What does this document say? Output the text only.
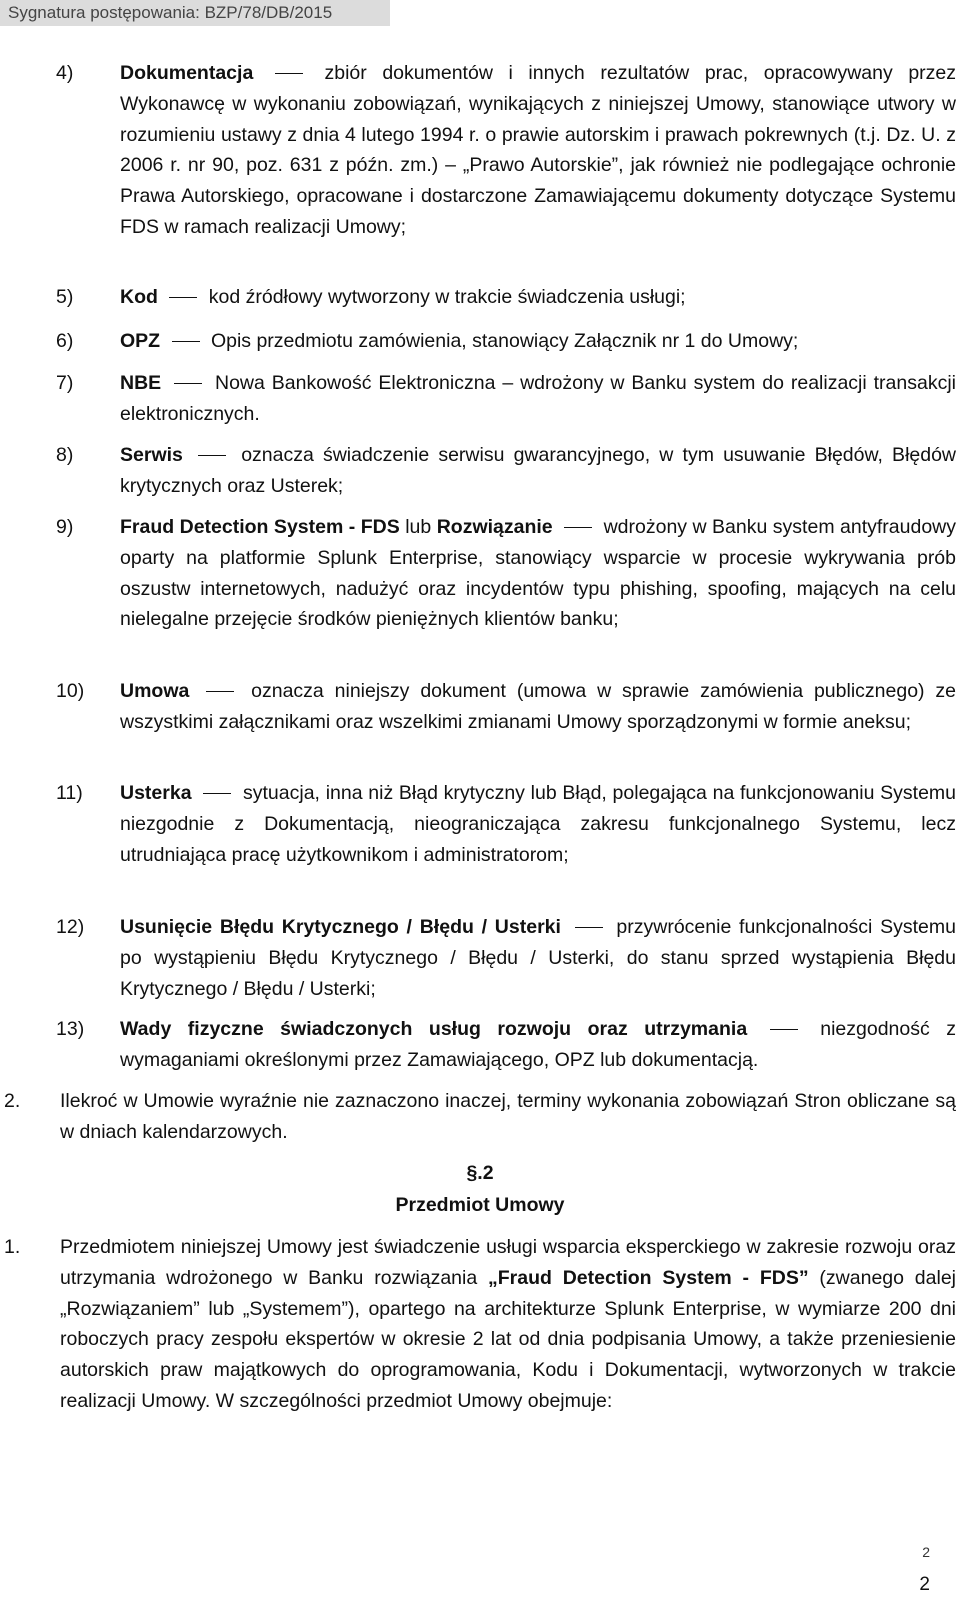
Sygnatura postępowania: BZP/78/DB/2015
4) Dokumentacja	zbiór dokumentów i innych rezultatów prac, opracowywany przez Wykonawcę w wykonaniu zobowiązań, wynikających z niniejszej Umowy, stanowiące utwory w rozumieniu ustawy z dnia 4 lutego 1994 r. o prawie autorskim i prawach pokrewnych (t.j. Dz. U. z 2006 r. nr 90, poz. 631 z późn. zm.) – „Prawo Autorskie”, jak również nie podlegające ochronie Prawa Autorskiego, opracowane i dostarczone Zamawiającemu dokumenty dotyczące Systemu FDS w ramach realizacji Umowy;
5) Kod	kod źródłowy wytworzony w trakcie świadczenia usługi;
6) OPZ	Opis przedmiotu zamówienia, stanowiący Załącznik nr 1 do Umowy;
7) NBE	Nowa Bankowość Elektroniczna – wdrożony w Banku system do realizacji transakcji elektronicznych.
8) Serwis	oznacza świadczenie serwisu gwarancyjnego, w tym usuwanie Błędów, Błędów krytycznych oraz Usterek;
9) Fraud Detection System - FDS lub Rozwiązanie	wdrożony w Banku system antyfraudowy oparty na platformie Splunk Enterprise, stanowiący wsparcie w procesie wykrywania prób oszustw internetowych, nadużyć oraz incydentów typu phishing, spoofing, mających na celu nielegalne przejęcie środków pieniężnych klientów banku;
10) Umowa	oznacza niniejszy dokument (umowa w sprawie zamówienia publicznego) ze wszystkimi załącznikami oraz wszelkimi zmianami Umowy sporządzonymi w formie aneksu;
11) Usterka	sytuacja, inna niż Błąd krytyczny lub Błąd, polegająca na funkcjonowaniu Systemu niezgodnie z Dokumentacją, nieograniczająca zakresu funkcjonalnego Systemu, lecz utrudniająca pracę użytkownikom i administratorom;
12) Usunięcie Błędu Krytycznego / Błędu / Usterki	przywrócenie funkcjonalności Systemu po wystąpieniu Błędu Krytycznego / Błędu / Usterki, do stanu sprzed wystąpienia Błędu Krytycznego / Błędu / Usterki;
13) Wady fizyczne świadczonych usług rozwoju oraz utrzymania	niezgodność z wymaganiami określonymi przez Zamawiającego, OPZ lub dokumentacją.
2. Ilekroć w Umowie wyraźnie nie zaznaczono inaczej, terminy wykonania zobowiązań Stron obliczane są w dniach kalendarzowych.
§.2
Przedmiot Umowy
1. Przedmiotem niniejszej Umowy jest świadczenie usługi wsparcia eksperckiego w zakresie rozwoju oraz utrzymania wdrożonego w Banku rozwiązania „Fraud Detection System - FDS” (zwanego dalej „Rozwiązaniem” lub „Systemem”), opartego na architekturze Splunk Enterprise, w wymiarze 200 dni roboczych pracy zespołu ekspertów w okresie 2 lat od dnia podpisania Umowy, a także przeniesienie autorskich praw majątkowych do oprogramowania, Kodu i Dokumentacji, wytworzonych w trakcie realizacji Umowy. W szczególności przedmiot Umowy obejmuje:
2
2
